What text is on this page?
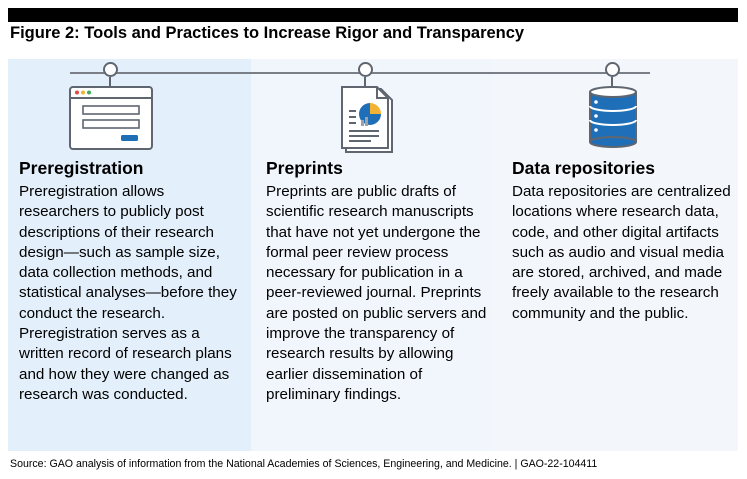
Figure 2: Tools and Practices to Increase Rigor and Transparency
Preregistration
Preregistration allows researchers to publicly post descriptions of their research design—such as sample size, data collection methods, and statistical analyses—before they conduct the research. Preregistration serves as a written record of research plans and how they were changed as research was conducted.
Preprints
Preprints are public drafts of scientific research manuscripts that have not yet undergone the formal peer review process necessary for publication in a peer-reviewed journal. Preprints are posted on public servers and improve the transparency of research results by allowing earlier dissemination of preliminary findings.
Data repositories
Data repositories are centralized locations where research data, code, and other digital artifacts such as audio and visual media are stored, archived, and made freely available to the research community and the public.
Source: GAO analysis of information from the National Academies of Sciences, Engineering, and Medicine. | GAO-22-104411
